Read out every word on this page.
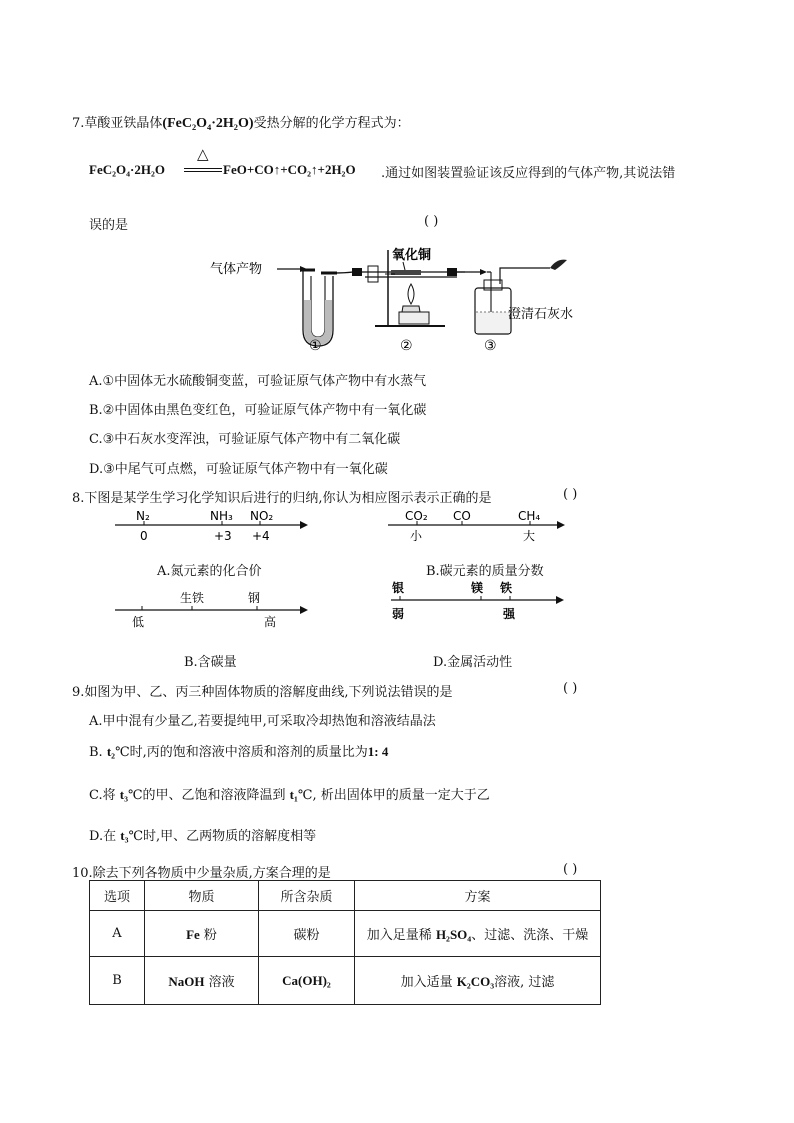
7.草酸亚铁晶体(FeC₂O₄·2H₂O)受热分解的化学方程式为：
FeC₂O₄·2H₂O
△
FeO+CO↑+CO₂↑+2H₂O .通过如图装置验证该反应得到的气体产物,其说法错
误的是	( )
气体产物
氧化铜
澄清石灰水
①	②	③
A.①中固体无水硫酸铜变蓝，可验证原气体产物中有水蒸气
B.②中固体由黑色变红色，可验证原气体产物中有一氧化碳
C.③中石灰水变浑浊，可验证原气体产物中有二氧化碳
D.③中尾气可点燃，可验证原气体产物中有一氧化碳
8.下图是某学生学习化学知识后进行的归纳,你认为相应图示表示正确的是	( )
N₂	NH₃ NO₂
0	+3 +4
A.氮元素的化合价
CO₂ CO	CH₄
小	大
B.碳元素的质量分数
生铁	钢
低	高
B.含碳量
银	镁 铁
弱	强
D.金属活动性
9.如图为甲、乙、丙三种固体物质的溶解度曲线,下列说法错误的是	( )
A.甲中混有少量乙,若要提纯甲,可采取冷却热饱和溶液结晶法
B. t₂℃时,丙的饱和溶液中溶质和溶剂的质量比为1: 4
C.将 t₃℃的甲、乙饱和溶液降温到 t₁℃, 析出固体甲的质量一定大于乙
D.在 t₃℃时,甲、乙两物质的溶解度相等
10.除去下列各物质中少量杂质,方案合理的是	( )
选项	物质	所含杂质	方案
A	Fe 粉	碳粉	加入足量稀 H₂SO₄、过滤、洗涤、干燥
B	NaOH 溶液	Ca(OH)₂	加入适量 K₂CO₃溶液, 过滤
